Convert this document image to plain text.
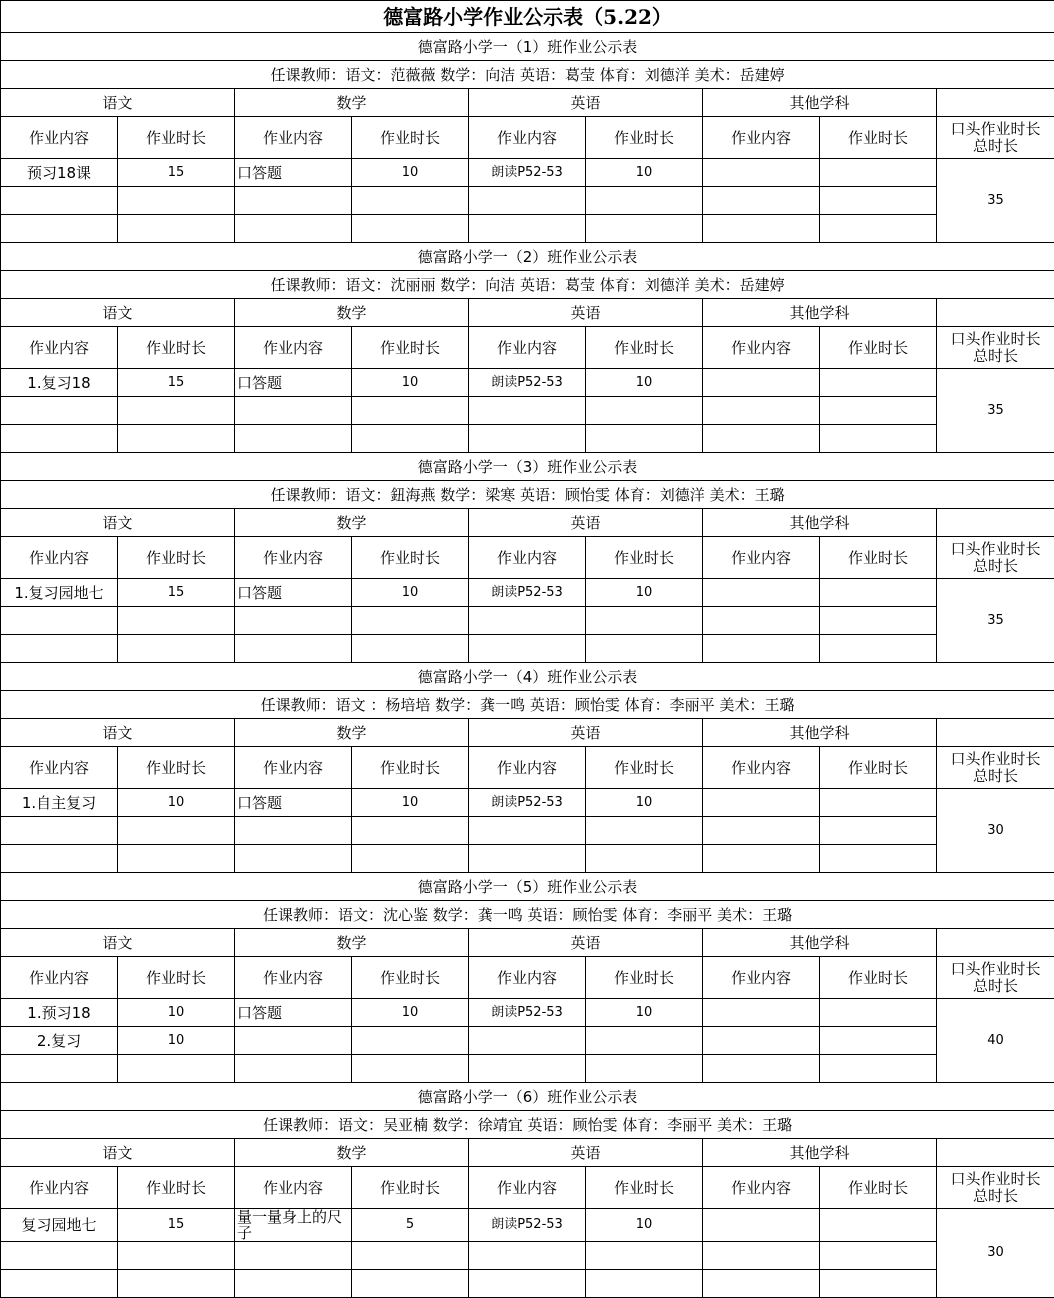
德富路小学作业公示表（5.22）								
德富路小学一（1）班作业公示表								
任课教师：语文：范薇薇 数学：向洁 英语：葛莹 体育：刘德洋 美术：岳建婷								
语文		数学		英语		其他学科		
作业内容	作业时长	作业内容	作业时长	作业内容	作业时长	作业内容	作业时长	口头作业时长
总时长

预习18课	15	口答题	10	朗读P52-53	10			35

德富路小学一（2）班作业公示表								
任课教师：语文：沈丽丽 数学：向洁 英语：葛莹 体育：刘德洋 美术：岳建婷								
语文		数学		英语		其他学科		
作业内容	作业时长	作业内容	作业时长	作业内容	作业时长	作业内容	作业时长	口头作业时长
总时长

1.复习18	15	口答题	10	朗读P52-53	10			35

德富路小学一（3）班作业公示表								
任课教师：语文：鈕海燕 数学：梁寒 英语：顾怡雯 体育：刘德洋 美术：王璐								
语文		数学		英语		其他学科		
作业内容	作业时长	作业内容	作业时长	作业内容	作业时长	作业内容	作业时长	口头作业时长
总时长

1.复习园地七	15	口答题	10	朗读P52-53	10			35

德富路小学一（4）班作业公示表								
任课教师：语文 ：杨培培 数学：龚一鸣 英语：顾怡雯 体育：李丽平 美术：王璐								
语文		数学		英语		其他学科		
作业内容	作业时长	作业内容	作业时长	作业内容	作业时长	作业内容	作业时长	口头作业时长
总时长

1.自主复习	10	口答题	10	朗读P52-53	10			30

德富路小学一（5）班作业公示表								
任课教师：语文：沈心鉴 数学：龚一鸣 英语：顾怡雯 体育：李丽平 美术：王璐								
语文		数学		英语		其他学科		
作业内容	作业时长	作业内容	作业时长	作业内容	作业时长	作业内容	作业时长	口头作业时长
总时长

1.预习18	10	口答题	10	朗读P52-53	10			40
2.复习	10							

德富路小学一（6）班作业公示表								
任课教师：语文：吴亚楠 数学：徐靖宜 英语：顾怡雯 体育：李丽平 美术：王璐								
语文		数学		英语		其他学科		
作业内容	作业时长	作业内容	作业时长	作业内容	作业时长	作业内容	作业时长	口头作业时长
总时长

复习园地七	15	量一量身上的尺子	5	朗读P52-53	10			30
